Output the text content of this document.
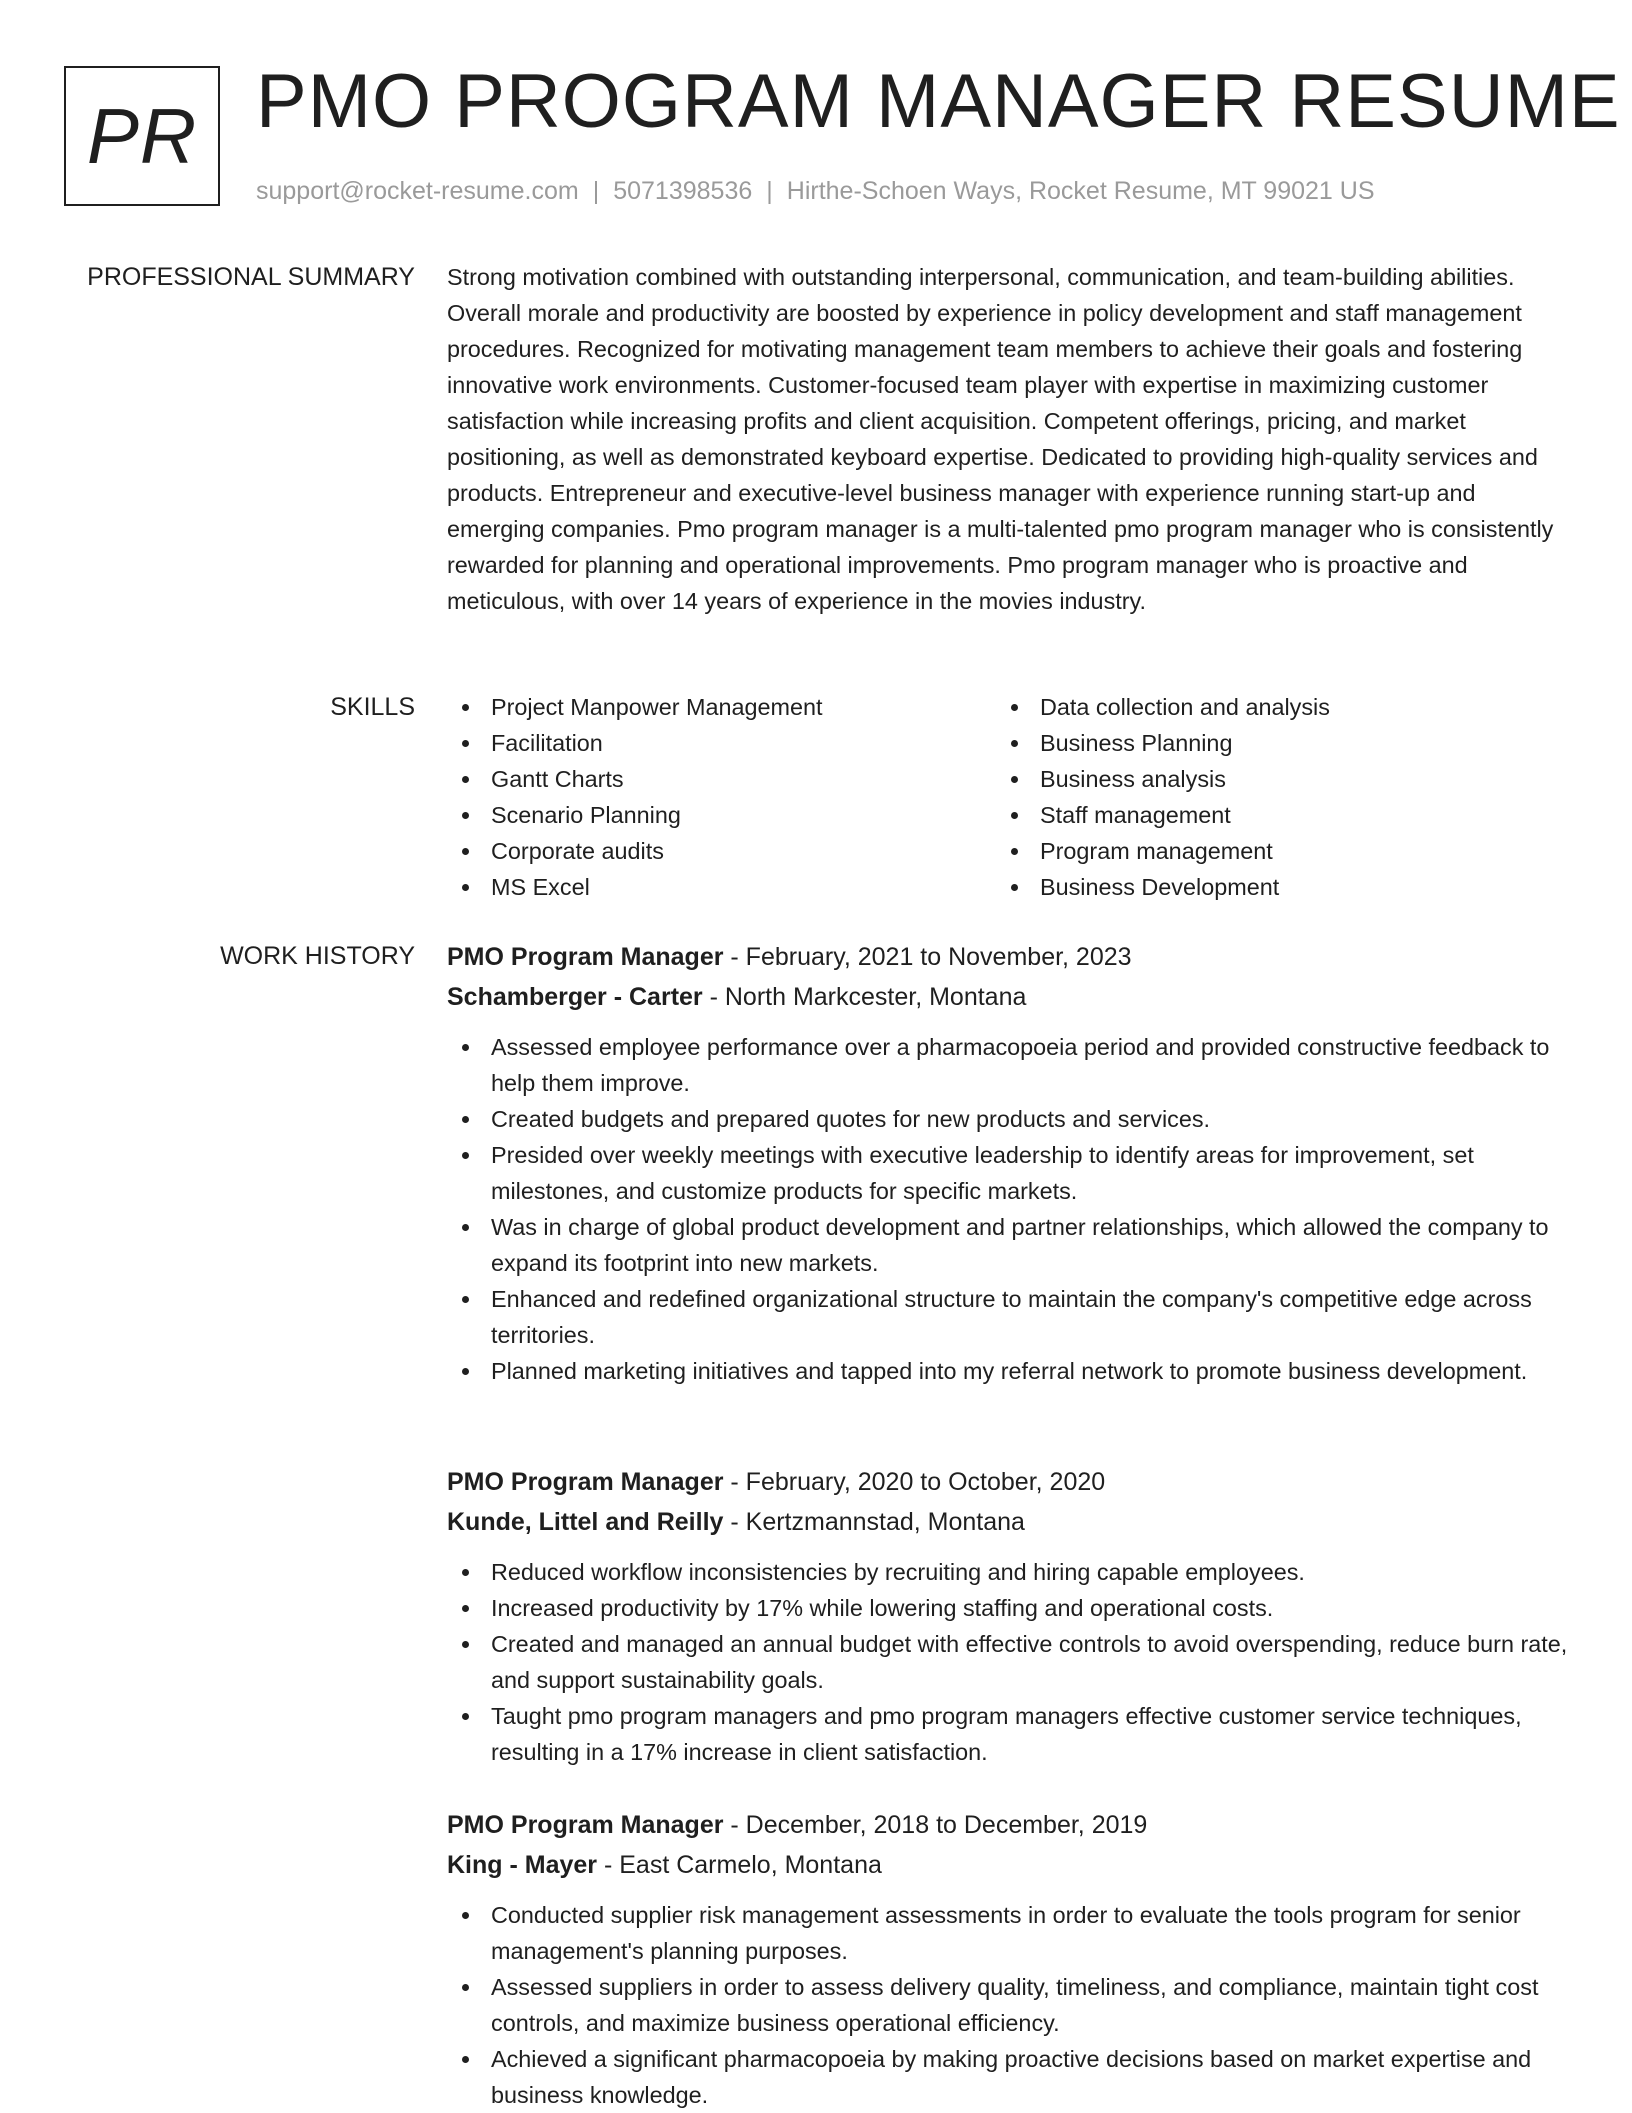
PR PMO PROGRAM MANAGER RESUME
support@rocket-resume.com | 5071398536 | Hirthe-Schoen Ways, Rocket Resume, MT 99021 US
PROFESSIONAL SUMMARY Strong motivation combined with outstanding interpersonal, communication, and team-building abilities. Overall morale and productivity are boosted by experience in policy development and staff management procedures. Recognized for motivating management team members to achieve their goals and fostering innovative work environments. Customer-focused team player with expertise in maximizing customer satisfaction while increasing profits and client acquisition. Competent offerings, pricing, and market positioning, as well as demonstrated keyboard expertise. Dedicated to providing high-quality services and products. Entrepreneur and executive-level business manager with experience running start-up and emerging companies. Pmo program manager is a multi-talented pmo program manager who is consistently rewarded for planning and operational improvements. Pmo program manager who is proactive and meticulous, with over 14 years of experience in the movies industry.

SKILLS	Project Manpower Management
Facilitation
Gantt Charts
Scenario Planning
Corporate audits
MS Excel
Data collection and analysis
Business Planning
Business analysis
Staff management
Program management
Business Development
WORK HISTORY PMO Program Manager - February, 2021 to November, 2023
Schamberger - Carter - North Markcester, Montana
Assessed employee performance over a pharmacopoeia period and provided constructive feedback to help them improve.
Created budgets and prepared quotes for new products and services.
Presided over weekly meetings with executive leadership to identify areas for improvement, set milestones, and customize products for specific markets.
Was in charge of global product development and partner relationships, which allowed the company to expand its footprint into new markets.
Enhanced and redefined organizational structure to maintain the company's competitive edge across territories.
Planned marketing initiatives and tapped into my referral network to promote business development.
PMO Program Manager - February, 2020 to October, 2020
Kunde, Littel and Reilly - Kertzmannstad, Montana
Reduced workflow inconsistencies by recruiting and hiring capable employees.
Increased productivity by 17% while lowering staffing and operational costs.
Created and managed an annual budget with effective controls to avoid overspending, reduce burn rate, and support sustainability goals.
Taught pmo program managers and pmo program managers effective customer service techniques, resulting in a 17% increase in client satisfaction.
PMO Program Manager - December, 2018 to December, 2019
King - Mayer - East Carmelo, Montana
Conducted supplier risk management assessments in order to evaluate the tools program for senior management's planning purposes.
Assessed suppliers in order to assess delivery quality, timeliness, and compliance, maintain tight cost controls, and maximize business operational efficiency.
Achieved a significant pharmacopoeia by making proactive decisions based on market expertise and business knowledge.
